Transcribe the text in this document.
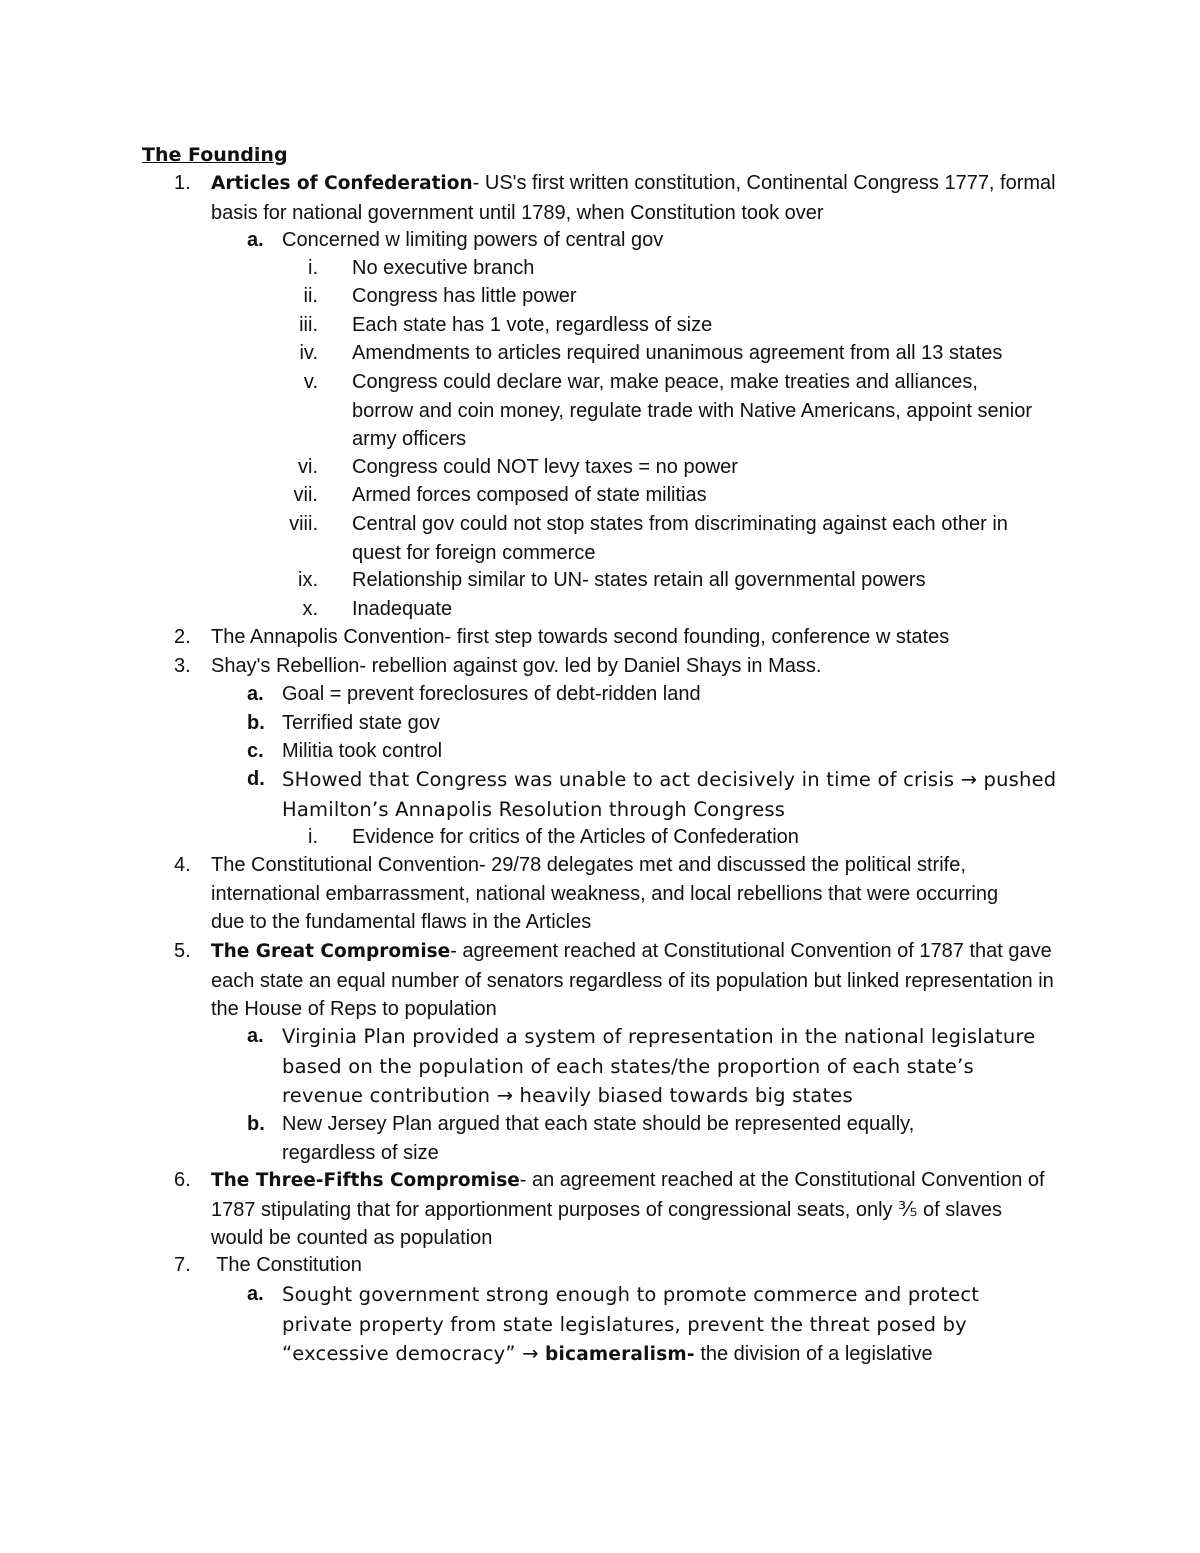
The Founding
1.	Articles of Confederation- US's first written constitution, Continental Congress 1777, formal basis for national government until 1789, when Constitution took over
a. Concerned w limiting powers of central gov
i. No executive branch
ii. Congress has little power
iii. Each state has 1 vote, regardless of size
iv. Amendments to articles required unanimous agreement from all 13 states
v. Congress could declare war, make peace, make treaties and alliances, borrow and coin money, regulate trade with Native Americans, appoint senior army officers
vi. Congress could NOT levy taxes = no power
vii. Armed forces composed of state militias
viii. Central gov could not stop states from discriminating against each other in quest for foreign commerce
ix. Relationship similar to UN- states retain all governmental powers
x. Inadequate
2.	The Annapolis Convention- first step towards second founding, conference w states
3.	Shay's Rebellion- rebellion against gov. led by Daniel Shays in Mass.
a. Goal = prevent foreclosures of debt-ridden land
b. Terrified state gov
c. Militia took control
d. SHowed that Congress was unable to act decisively in time of crisis → pushed Hamilton’s Annapolis Resolution through Congress
i. Evidence for critics of the Articles of Confederation
4.	The Constitutional Convention- 29/78 delegates met and discussed the political strife, international embarrassment, national weakness, and local rebellions that were occurring due to the fundamental flaws in the Articles
5.	The Great Compromise- agreement reached at Constitutional Convention of 1787 that gave each state an equal number of senators regardless of its population but linked representation in the House of Reps to population
a. Virginia Plan provided a system of representation in the national legislature based on the population of each states/the proportion of each state’s revenue contribution → heavily biased towards big states
b. New Jersey Plan argued that each state should be represented equally, regardless of size
6.	The Three-Fifths Compromise- an agreement reached at the Constitutional Convention of 1787 stipulating that for apportionment purposes of congressional seats, only ⅗ of slaves would be counted as population
7.	The Constitution
a. Sought government strong enough to promote commerce and protect private property from state legislatures, prevent the threat posed by “excessive democracy” → bicameralism- the division of a legislative
